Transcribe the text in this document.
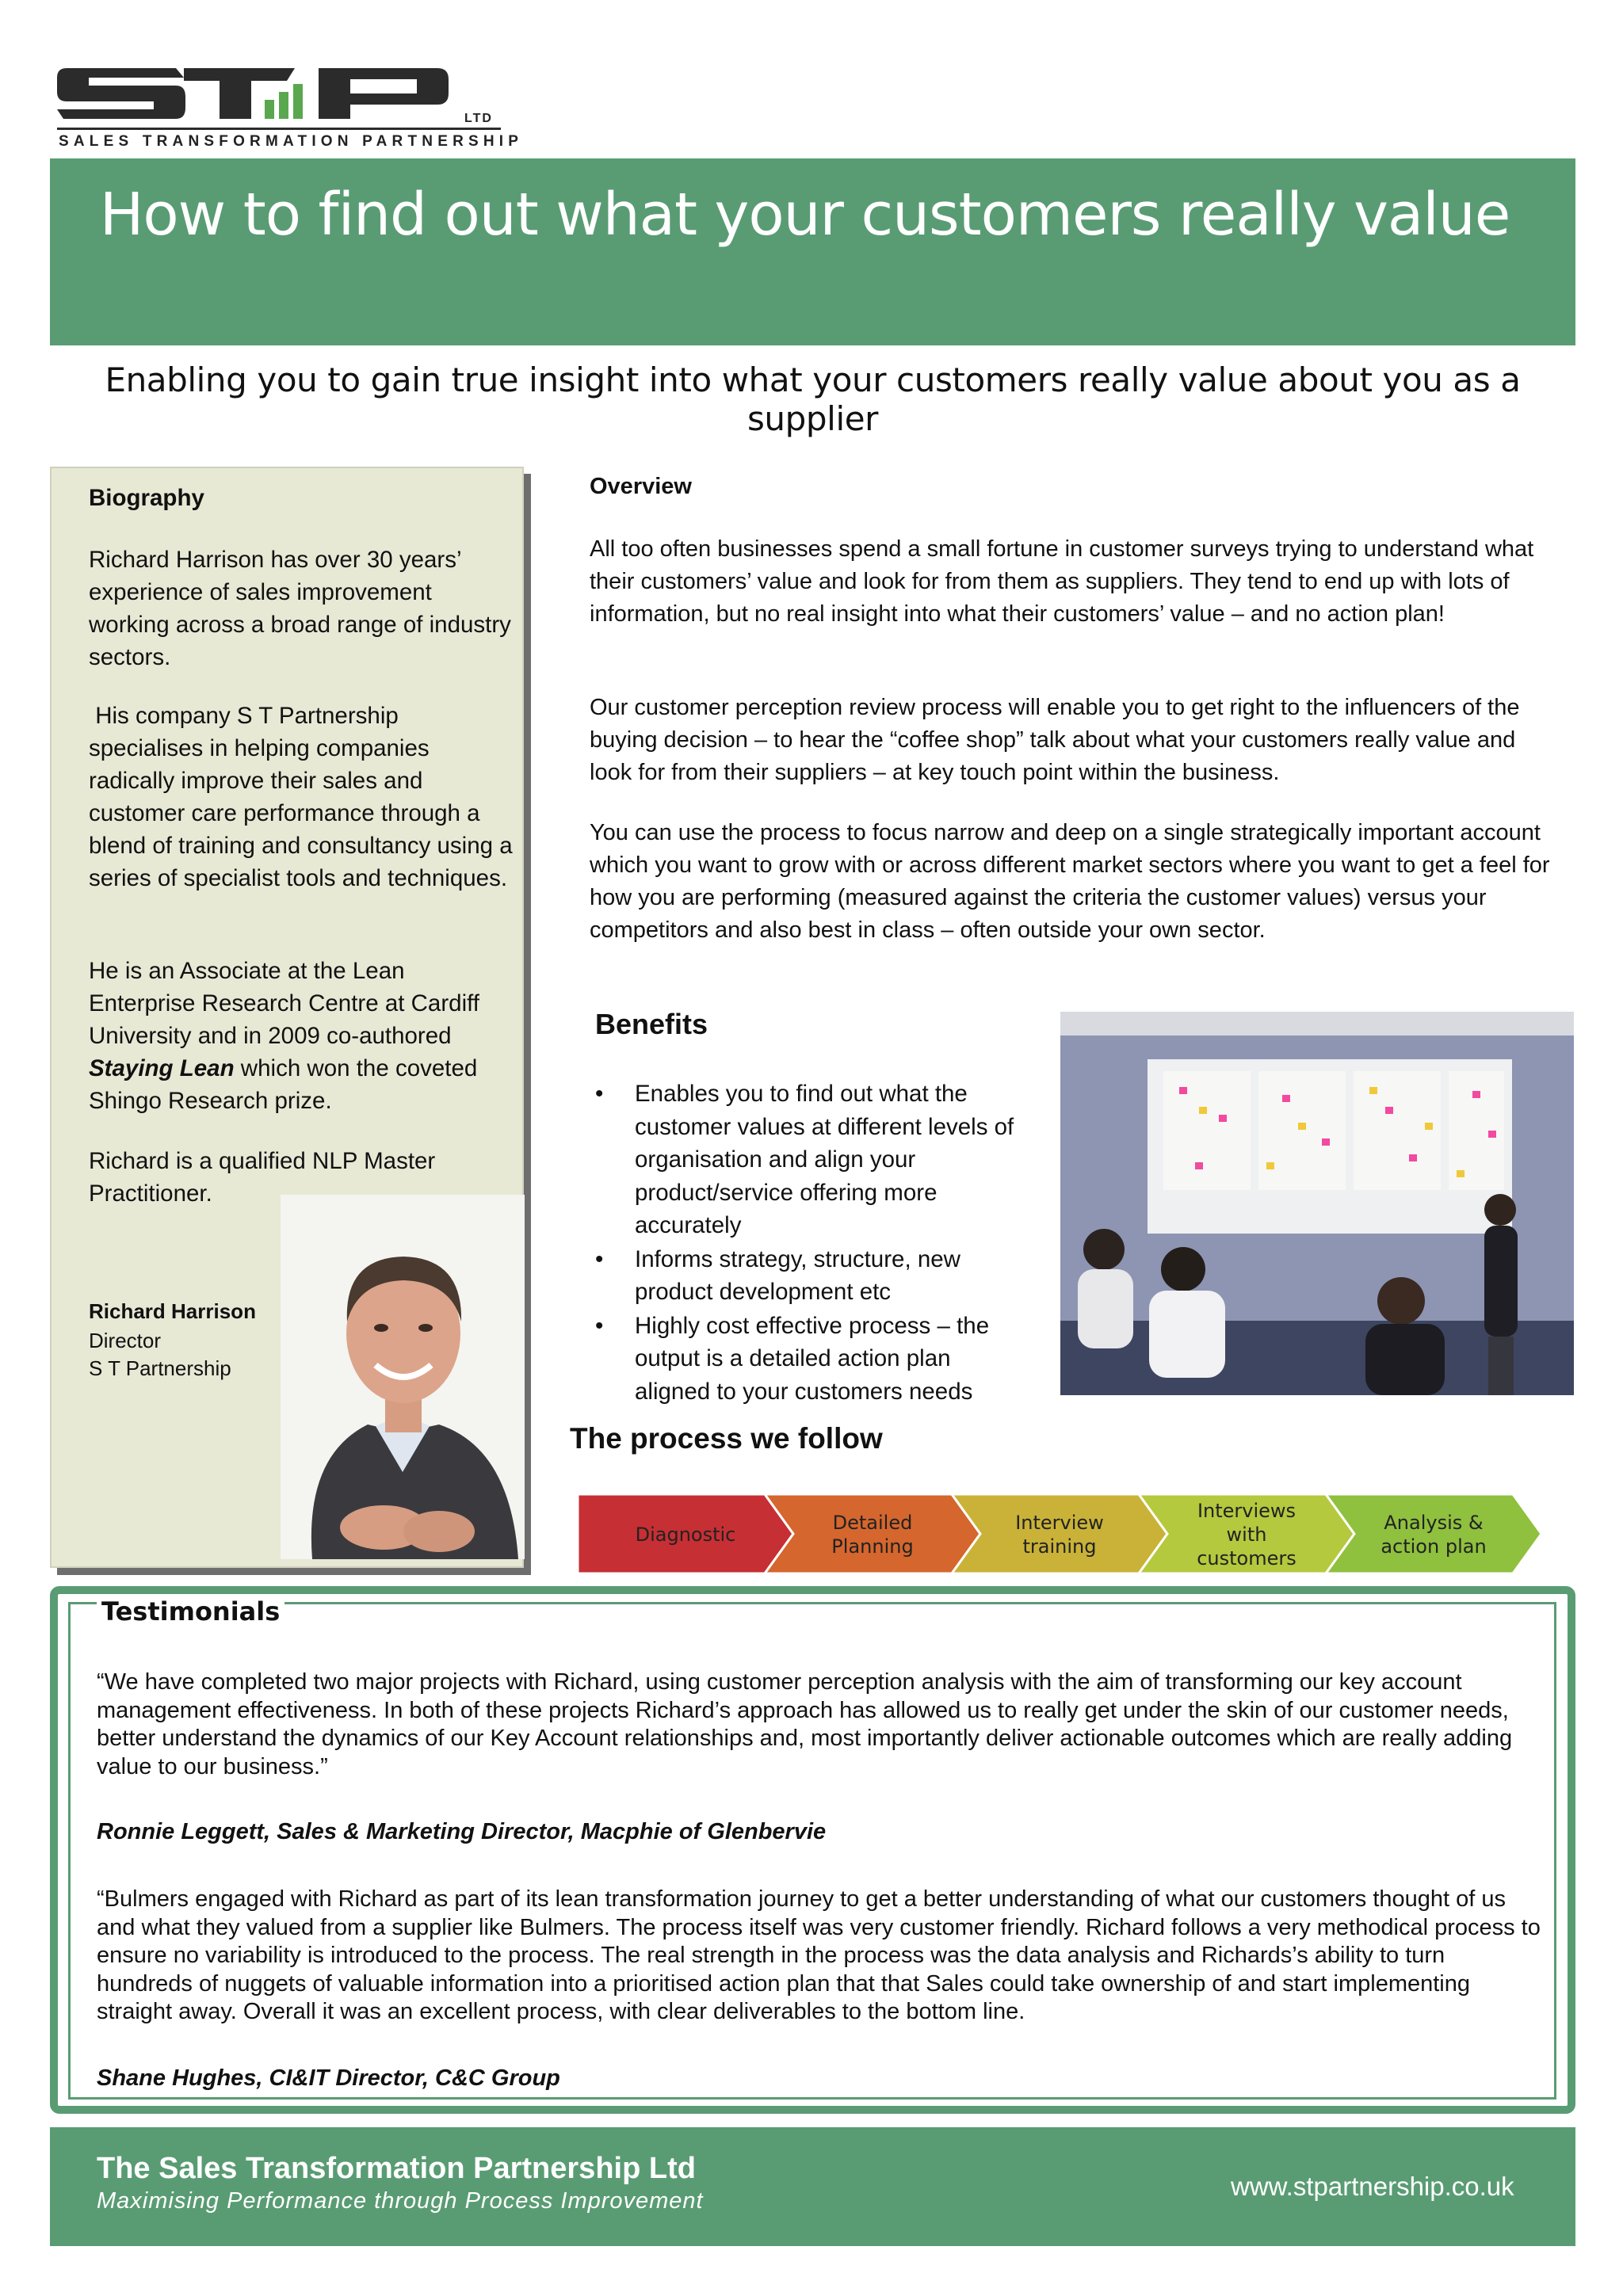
LTD
SALES TRANSFORMATION PARTNERSHIP
How to find out what your customers really value
Enabling you to gain true insight into what your customers really value about you as a supplier
Biography
Richard Harrison has over 30 years’ experience of sales improvement working across a broad range of industry sectors.
His company S T Partnership specialises in helping companies radically improve their sales and customer care performance through a blend of training and consultancy using a series of specialist tools and techniques.
He is an Associate at the Lean Enterprise Research Centre at Cardiff University and in 2009 co-authored Staying Lean which won the coveted Shingo Research prize.
Richard is a qualified NLP Master Practitioner.
Richard Harrison
Director
S T Partnership
Overview
All too often businesses spend a small fortune in customer surveys trying to understand what their customers’ value and look for from them as suppliers. They tend to end up with lots of information, but no real insight into what their customers’ value – and no action plan!
Our customer perception review process will enable you to get right to the influencers of the buying decision – to hear the “coffee shop” talk about what your customers really value and look for from their suppliers – at key touch point within the business.
You can use the process to focus narrow and deep on a single strategically important account which you want to grow with or across different market sectors where you want to get a feel for how you are performing (measured against the criteria the customer values) versus your competitors and also best in class – often outside your own sector.
Benefits
•	Enables you to find out what the customer values at different levels of organisation and align your product/service offering more accurately
•	Informs strategy, structure, new product development etc
•	Highly cost effective process – the output is a detailed action plan aligned to your customers needs
The process we follow
Diagnostic
Detailed
Planning
Interview
training
Interviews
with
customers
Analysis &
action plan
Testimonials
“We have completed two major projects with Richard, using customer perception analysis with the aim of transforming our key account management effectiveness. In both of these projects Richard’s approach has allowed us to really get under the skin of our customer needs, better understand the dynamics of our Key Account relationships and, most importantly deliver actionable outcomes which are really adding value to our business.”
Ronnie Leggett, Sales & Marketing Director, Macphie of Glenbervie
“Bulmers engaged with Richard as part of its lean transformation journey to get a better understanding of what our customers thought of us and what they valued from a supplier like Bulmers. The process itself was very customer friendly. Richard follows a very methodical process to ensure no variability is introduced to the process. The real strength in the process was the data analysis and Richards’s ability to turn hundreds of nuggets of valuable information into a prioritised action plan that that Sales could take ownership of and start implementing straight away. Overall it was an excellent process, with clear deliverables to the bottom line.
Shane Hughes, CI&IT Director, C&C Group
The Sales Transformation Partnership Ltd
Maximising Performance through Process Improvement	www.stpartnership.co.uk
